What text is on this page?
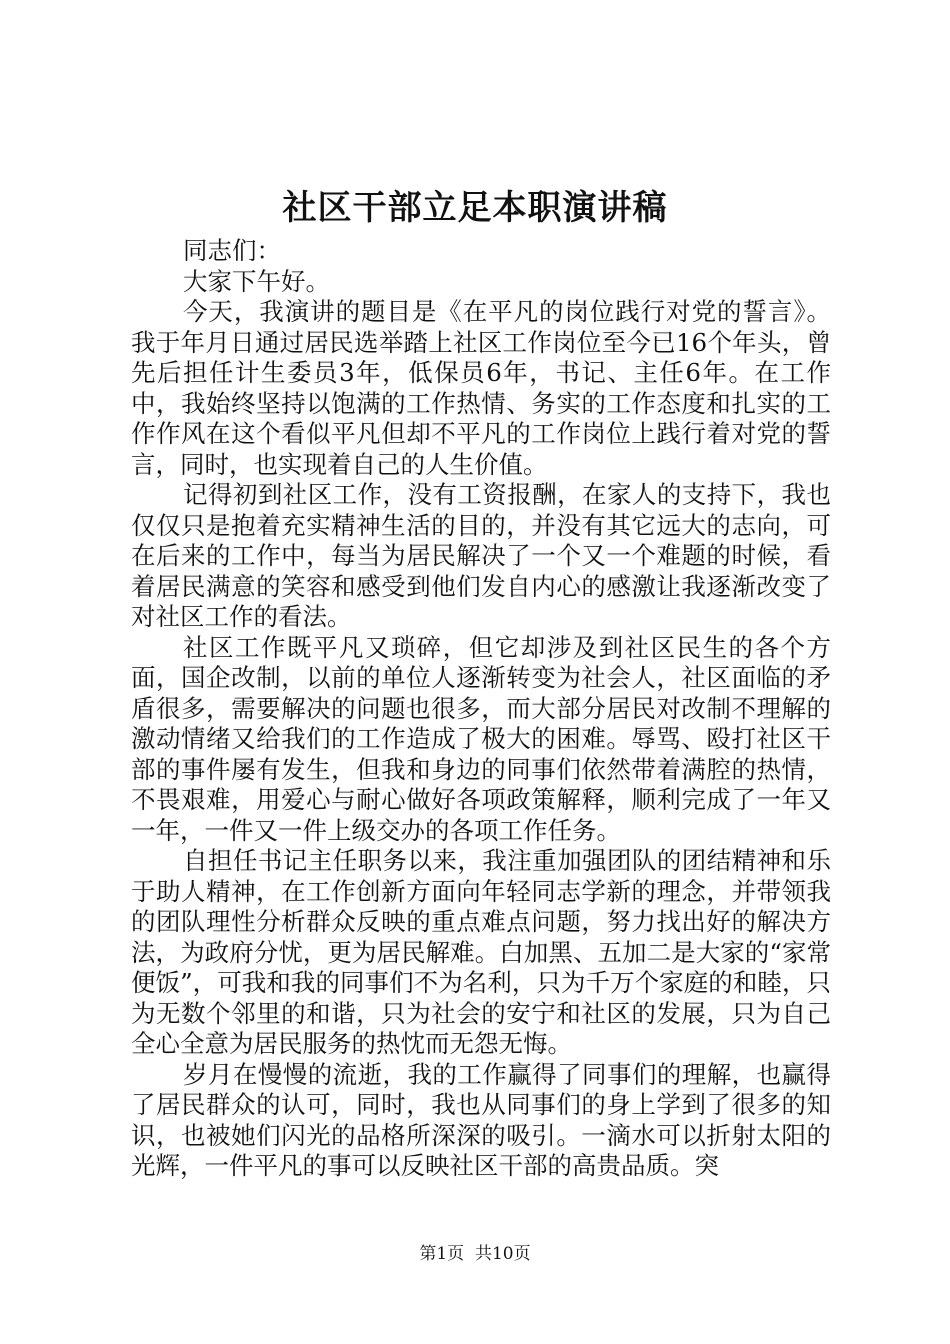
社区干部立足本职演讲稿

同志们：

大家下午好。

今天，我演讲的题目是《在平凡的岗位践行对党的誓言》。我于年月日通过居民选举踏上社区工作岗位至今已16个年头，曾先后担任计生委员3年，低保员6年，书记、主任6年。在工作中，我始终坚持以饱满的工作热情、务实的工作态度和扎实的工作作风在这个看似平凡但却不平凡的工作岗位上践行着对党的誓言，同时，也实现着自己的人生价值。

记得初到社区工作，没有工资报酬，在家人的支持下，我也仅仅只是抱着充实精神生活的目的，并没有其它远大的志向，可在后来的工作中，每当为居民解决了一个又一个难题的时候，看着居民满意的笑容和感受到他们发自内心的感激让我逐渐改变了对社区工作的看法。

社区工作既平凡又琐碎，但它却涉及到社区民生的各个方面，国企改制，以前的单位人逐渐转变为社会人，社区面临的矛盾很多，需要解决的问题也很多，而大部分居民对改制不理解的激动情绪又给我们的工作造成了极大的困难。辱骂、殴打社区干部的事件屡有发生，但我和身边的同事们依然带着满腔的热情，不畏艰难，用爱心与耐心做好各项政策解释，顺利完成了一年又一年，一件又一件上级交办的各项工作任务。

自担任书记主任职务以来，我注重加强团队的团结精神和乐于助人精神，在工作创新方面向年轻同志学新的理念，并带领我的团队理性分析群众反映的重点难点问题，努力找出好的解决方法，为政府分忧，更为居民解难。白加黑、五加二是大家的“家常便饭”，可我和我的同事们不为名利，只为千万个家庭的和睦，只为无数个邻里的和谐，只为社会的安宁和社区的发展，只为自己全心全意为居民服务的热忱而无怨无悔。

岁月在慢慢的流逝，我的工作赢得了同事们的理解，也赢得了居民群众的认可，同时，我也从同事们的身上学到了很多的知识，也被她们闪光的品格所深深的吸引。一滴水可以折射太阳的光辉，一件平凡的事可以反映社区干部的高贵品质。突

第1页  共10页
